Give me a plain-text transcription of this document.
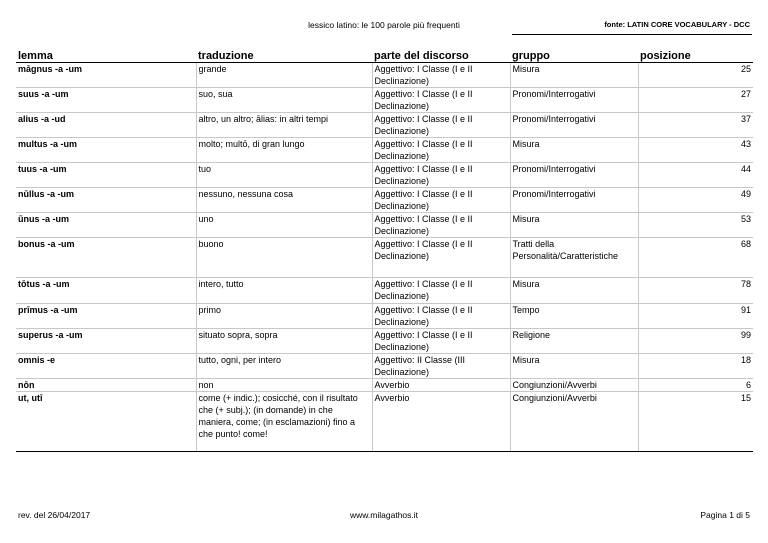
lessico latino: le 100 parole più frequenti	fonte: LATIN CORE VOCABULARY - DCC
lemma	traduzione	parte del discorso	gruppo	posizione
māgnus -a -um	grande	Aggettivo: I Classe (I e II Declinazione)	Misura	25
suus -a -um	suo, sua	Aggettivo: I Classe (I e II Declinazione)	Pronomi/Interrogativi	27
alius -a -ud	altro, un altro; ālias: in altri tempi	Aggettivo: I Classe (I e II Declinazione)	Pronomi/Interrogativi	37
multus -a -um	molto; multō, di gran lungo	Aggettivo: I Classe (I e II Declinazione)	Misura	43
tuus -a -um	tuo	Aggettivo: I Classe (I e II Declinazione)	Pronomi/Interrogativi	44
nūllus -a -um	nessuno, nessuna cosa	Aggettivo: I Classe (I e II Declinazione)	Pronomi/Interrogativi	49
ūnus -a -um	uno	Aggettivo: I Classe (I e II Declinazione)	Misura	53
bonus -a -um	buono	Aggettivo: I Classe (I e II Declinazione)	Tratti della Personalità/Caratteristiche	68
tōtus -a -um	intero, tutto	Aggettivo: I Classe (I e II Declinazione)	Misura	78
prīmus -a -um	primo	Aggettivo: I Classe (I e II Declinazione)	Tempo	91
superus -a -um	situato sopra, sopra	Aggettivo: I Classe (I e II Declinazione)	Religione	99
omnis -e	tutto, ogni, per intero	Aggettivo: II Classe (III Declinazione)	Misura	18
nōn	non	Avverbio	Congiunzioni/Avverbi	6
ut, utī	come (+ indic.); cosicché, con il risultato che (+ subj.); (in domande) in che maniera, come; (in esclamazioni) fino a che punto! come!	Avverbio	Congiunzioni/Avverbi	15
rev. del 26/04/2017	www.milagathos.it	Pagina 1 di 5
